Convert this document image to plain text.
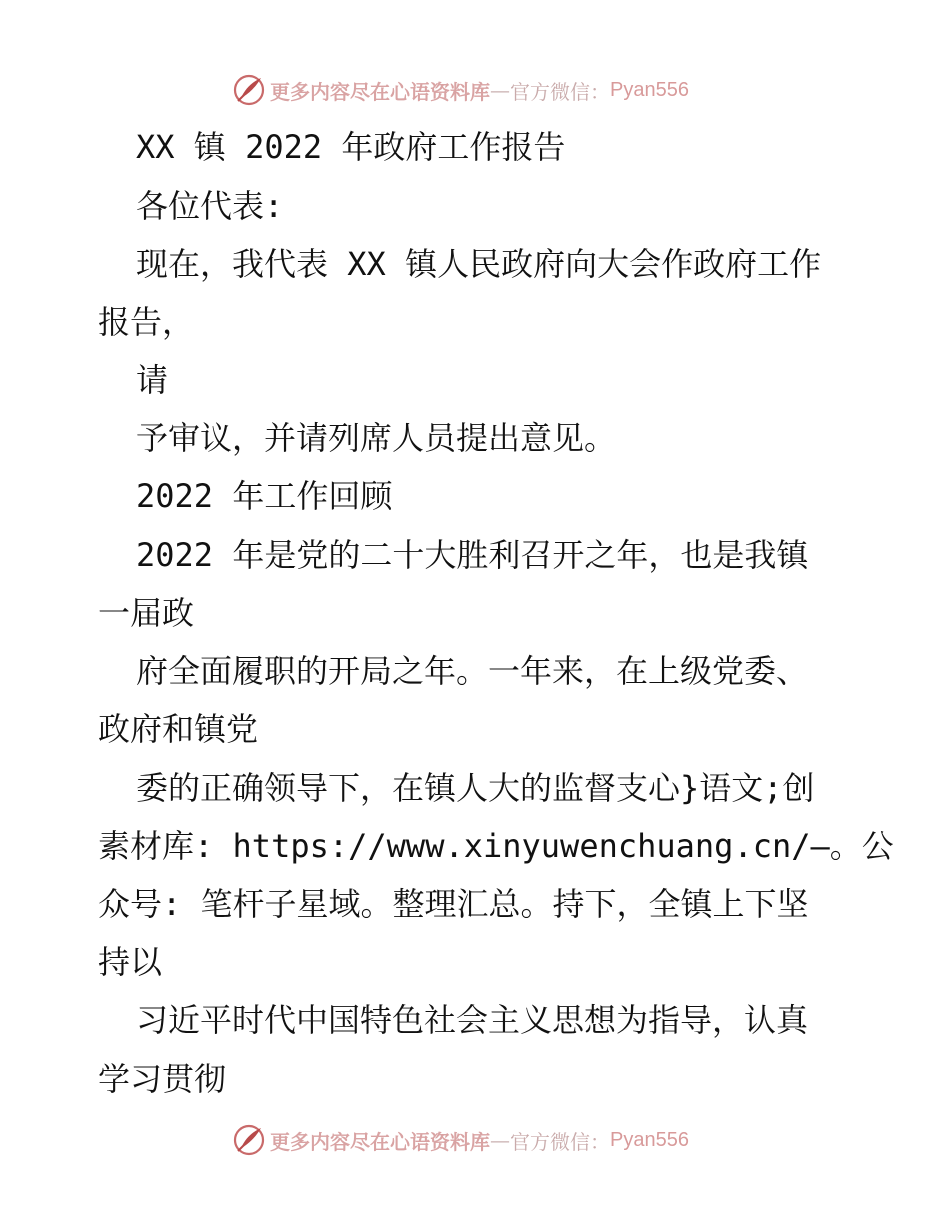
更多内容尽在心语资料库 — 官方微信： Pyan556
XX 镇 2022 年政府工作报告
各位代表:
现在，我代表 XX 镇人民政府向大会作政府工作
报告，
请
予审议，并请列席人员提出意见。
2022 年工作回顾
2022 年是党的二十大胜利召开之年，也是我镇
一届政
府全面履职的开局之年。一年来，在上级党委、
政府和镇党
委的正确领导下，在镇人大的监督支心}语文;创
素材库: https://www.xinyuwenchuang.cn/—。公
众号: 笔杆子星域。整理汇总。持下，全镇上下坚
持以
习近平时代中国特色社会主义思想为指导，认真
学习贯彻
更多内容尽在心语资料库 — 官方微信： Pyan556
